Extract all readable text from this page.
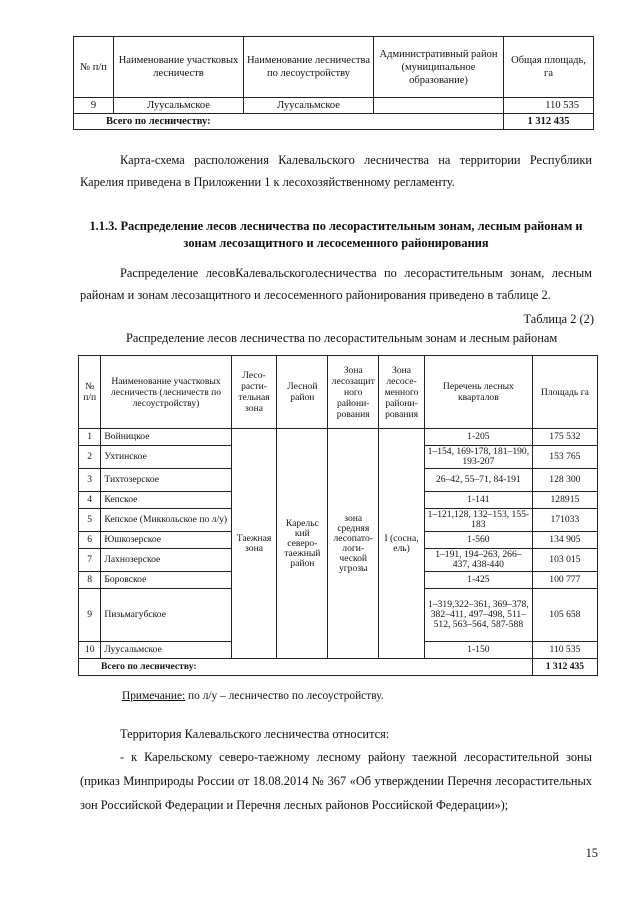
№ п/п	Наименование участковых лесничеств	Наименование лесничества по лесоустройству	Административный район (муниципальное образование)	Общая площадь, га
9	Луусальмское	Луусальмское		110 535
Всего по лесничеству:				1 312 435

Карта-схема расположения Калевальского лесничества на территории Республики Карелия приведена в Приложении 1 к лесохозяйственному регламенту.

1.1.3. Распределение лесов лесничества по лесорастительным зонам, лесным районам и зонам лесозащитного и лесосеменного районирования

Распределение лесовКалевальскоголесничества по лесорастительным зонам, лесным районам и зонам лесозащитного и лесосеменного районирования приведено в таблице 2.

Таблица 2 (2)

Распределение лесов лесничества по лесорастительным зонам и лесным районам

№ п/п	Наименование участковых лесничеств (лесничеств по лесоустройству)	Лесо-расти-тельная зона	Лесной район	Зона лесозащит ного райони-рования	Зона лесосе-менного райони-рования	Перечень лесных кварталов	Площадь га
1	Войницкое	Таежная зона	Карельс кий северо-таежный район	зона средняя лесопато-логи-ческой угрозы	I (сосна, ель)	1-205	175 532
2	Ухтинское					1–154, 169-178, 181–190, 193-207	153 765
3	Тихтозерское					26–42, 55–71, 84-191	128 300
4	Кепское					1-141	128915
5	Кепское (Миккольское по л/у)					1–121,128, 132–153, 155-183	171033
6	Юшкозерское					1-560	134 905
7	Лахнозерское					1–191, 194–263, 266–437, 438-440	103 015
8	Боровское					1-425	100 777
9	Пизьмагубское					1–319,322–361, 369–378, 382–411, 497–498, 511–512, 563–564, 587-588	105 658
10	Луусальмское					1-150	110 535
Всего по лесничеству:							1 312 435

Примечание: по л/у – лесничество по лесоустройству.

Территория Калевальского лесничества относится:

- к Карельскому северо-таежному лесному району таежной лесорастительной зоны (приказ Минприроды России от 18.08.2014 № 367 «Об утверждении Перечня лесорастительных зон Российской Федерации и Перечня лесных районов Российской Федерации»);

15
